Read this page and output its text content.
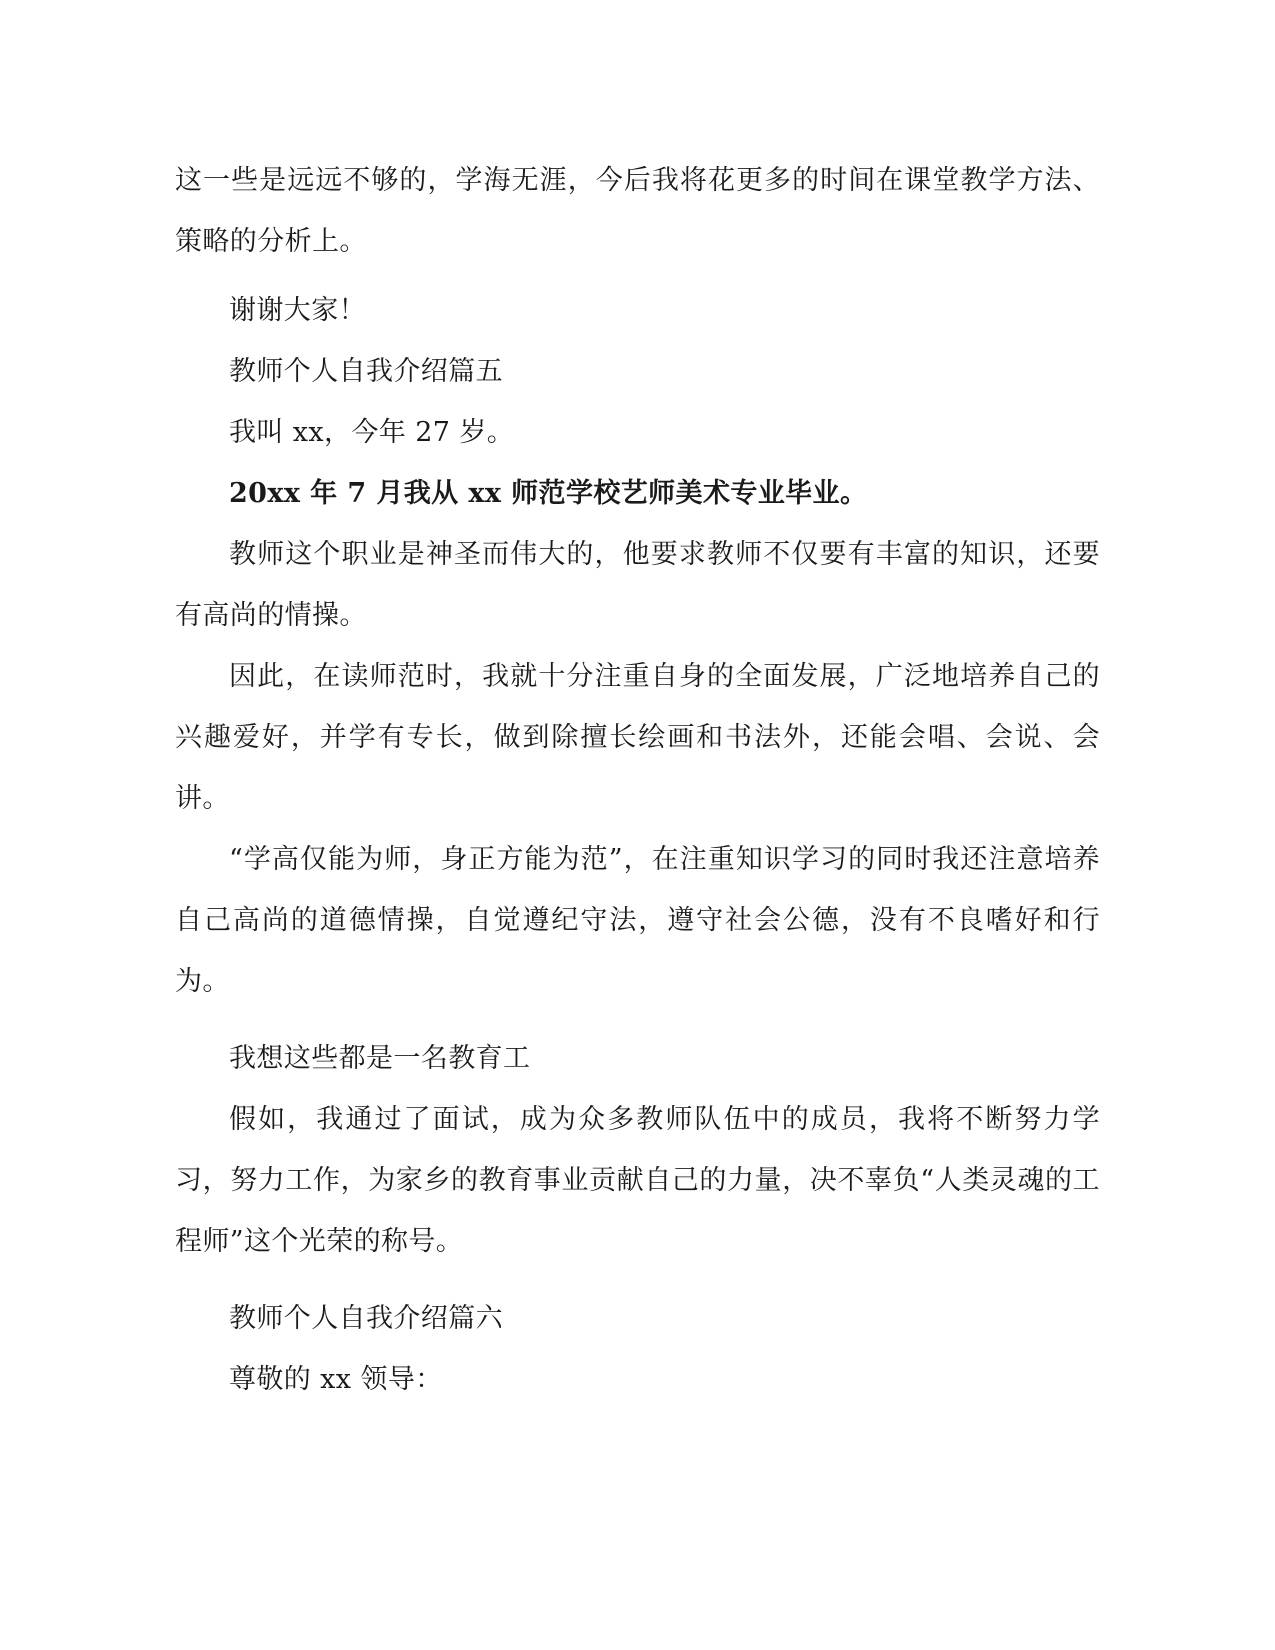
这一些是远远不够的，学海无涯，今后我将花更多的时间在课堂教学方法、策略的分析上。

谢谢大家！

教师个人自我介绍篇五

我叫 xx，今年 27 岁。

20xx 年 7 月我从 xx 师范学校艺师美术专业毕业。

教师这个职业是神圣而伟大的，他要求教师不仅要有丰富的知识，还要有高尚的情操。

因此，在读师范时，我就十分注重自身的全面发展，广泛地培养自己的兴趣爱好，并学有专长，做到除擅长绘画和书法外，还能会唱、会说、会讲。

“学高仅能为师，身正方能为范”，在注重知识学习的同时我还注意培养自己高尚的道德情操，自觉遵纪守法，遵守社会公德，没有不良嗜好和行为。

我想这些都是一名教育工

假如，我通过了面试，成为众多教师队伍中的成员，我将不断努力学习，努力工作，为家乡的教育事业贡献自己的力量，决不辜负“人类灵魂的工程师”这个光荣的称号。

教师个人自我介绍篇六

尊敬的 xx 领导：
